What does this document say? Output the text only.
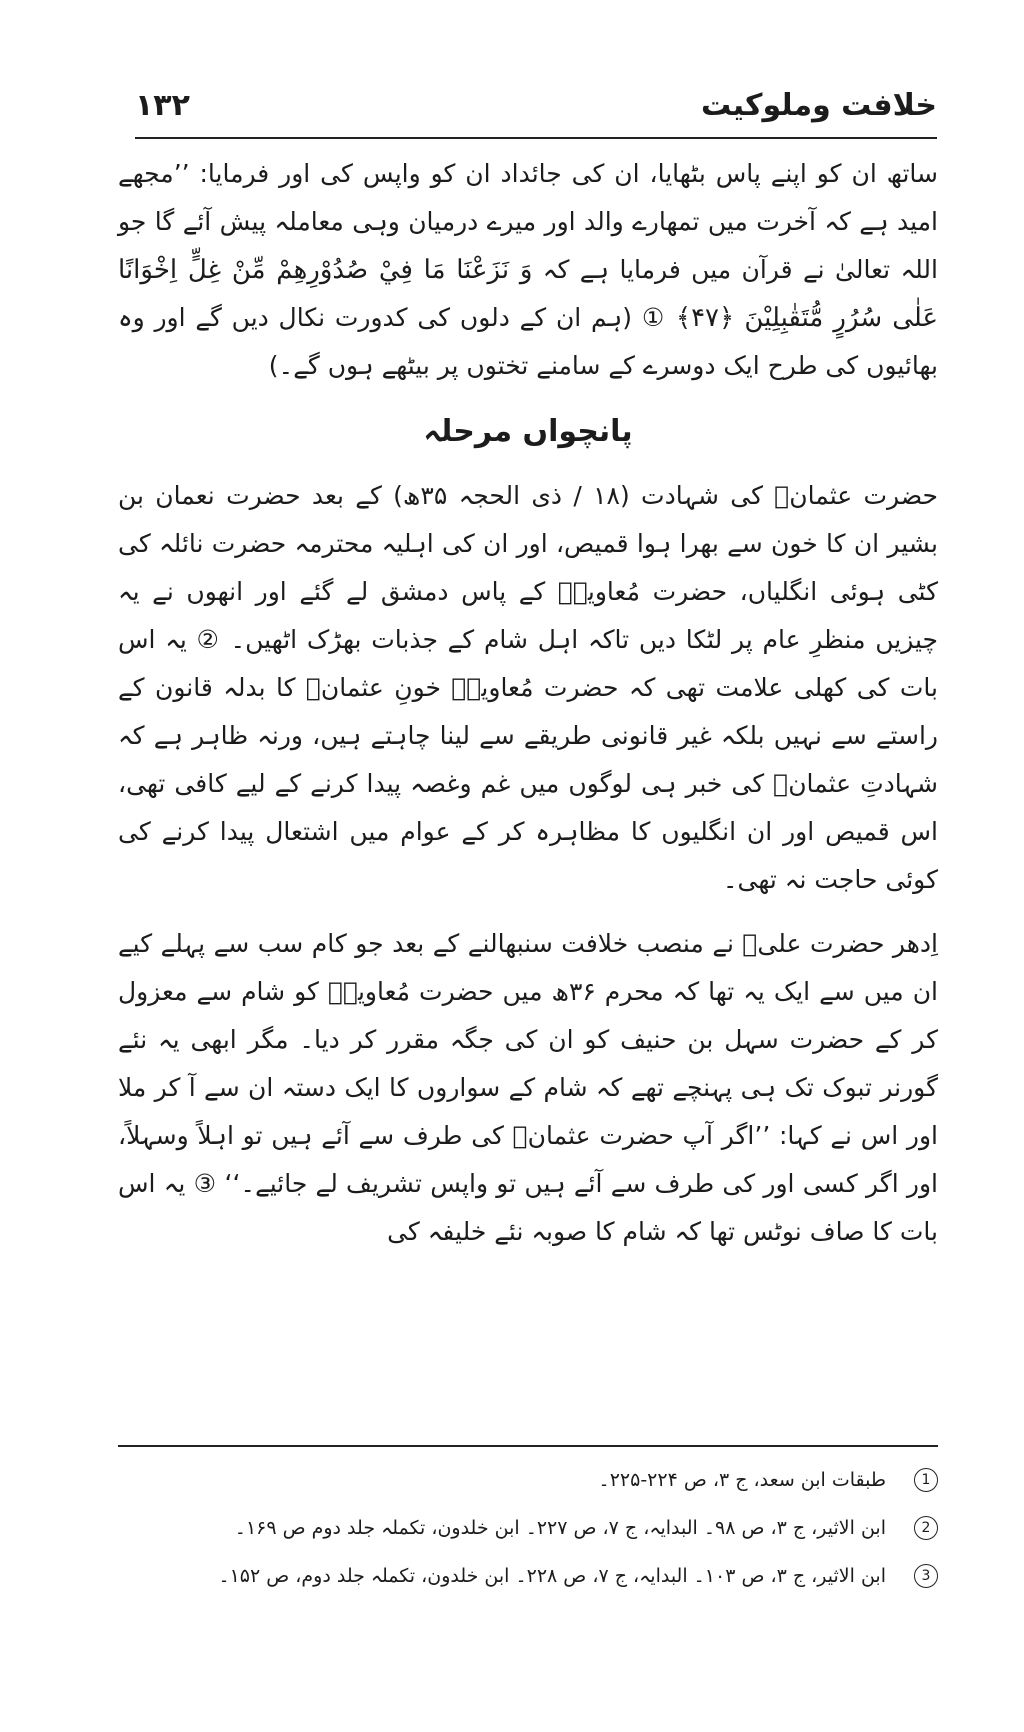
خلافت وملوکیت
۱۳۲

ساتھ ان کو اپنے پاس بٹھایا، ان کی جائداد ان کو واپس کی اور فرمایا: ’’مجھے امید ہے کہ آخرت میں تمھارے والد اور میرے درمیان وہی معاملہ پیش آئے گا جو اللہ تعالیٰ نے قرآن میں فرمایا ہے کہ وَ نَزَعْنَا مَا فِيْ صُدُوْرِهِمْ مِّنْ غِلٍّ اِخْوَانًا عَلٰى سُرُرٍ مُّتَقٰبِلِيْنَ ﴿۴۷﴾ ① (ہم ان کے دلوں کی کدورت نکال دیں گے اور وہ بھائیوں کی طرح ایک دوسرے کے سامنے تختوں پر بیٹھے ہوں گے۔)

پانچواں مرحلہ

حضرت عثمانؓ کی شہادت (۱۸ / ذی الحجہ ۳۵ھ) کے بعد حضرت نعمان بن بشیر ان کا خون سے بھرا ہوا قمیص، اور ان کی اہلیہ محترمہ حضرت نائلہ کی کٹی ہوئی انگلیاں، حضرت مُعاویہؓ کے پاس دمشق لے گئے اور انھوں نے یہ چیزیں منظرِ عام پر لٹکا دیں تاکہ اہل شام کے جذبات بھڑک اٹھیں۔ ② یہ اس بات کی کھلی علامت تھی کہ حضرت مُعاویہؓ خونِ عثمانؓ کا بدلہ قانون کے راستے سے نہیں بلکہ غیر قانونی طریقے سے لینا چاہتے ہیں، ورنہ ظاہر ہے کہ شہادتِ عثمانؓ کی خبر ہی لوگوں میں غم وغصہ پیدا کرنے کے لیے کافی تھی، اس قمیص اور ان انگلیوں کا مظاہرہ کر کے عوام میں اشتعال پیدا کرنے کی کوئی حاجت نہ تھی۔

اِدھر حضرت علیؓ نے منصب خلافت سنبھالنے کے بعد جو کام سب سے پہلے کیے ان میں سے ایک یہ تھا کہ محرم ۳۶ھ میں حضرت مُعاویہؓ کو شام سے معزول کر کے حضرت سہل بن حنیف کو ان کی جگہ مقرر کر دیا۔ مگر ابھی یہ نئے گورنر تبوک تک ہی پہنچے تھے کہ شام کے سواروں کا ایک دستہ ان سے آ کر ملا اور اس نے کہا: ’’اگر آپ حضرت عثمانؓ کی طرف سے آئے ہیں تو اہلاً وسہلاً، اور اگر کسی اور کی طرف سے آئے ہیں تو واپس تشریف لے جائیے۔‘‘ ③ یہ اس بات کا صاف نوٹس تھا کہ شام کا صوبہ نئے خلیفہ کی

1
طبقات ابن سعد، ج ۳، ص ۲۲۴-۲۲۵۔
2
ابن الاثیر، ج ۳، ص ۹۸۔ البدایہ، ج ۷، ص ۲۲۷۔ ابن خلدون، تکملہ جلد دوم ص ۱۶۹۔
3
ابن الاثیر، ج ۳، ص ۱۰۳۔ البدایہ، ج ۷، ص ۲۲۸۔ ابن خلدون، تکملہ جلد دوم، ص ۱۵۲۔
